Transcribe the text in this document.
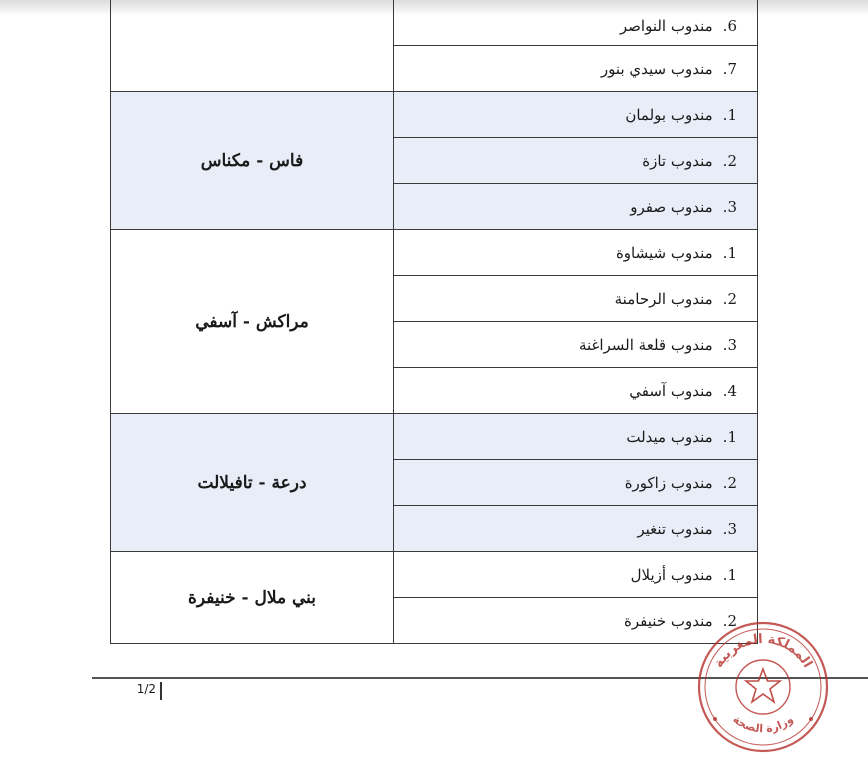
6.مندوب النواصر	
7.مندوب سيدي بنور	
1.مندوب بولمان	فاس - مكناس
2.مندوب تازة	
3.مندوب صفرو	
1.مندوب شيشاوة	مراكش - آسفي
2.مندوب الرحامنة	
3.مندوب قلعة السراغنة	
4.مندوب آسفي	
1.مندوب ميدلت	درعة - تافيلالت
2.مندوب زاكورة	
3.مندوب تنغير	
1.مندوب أزيلال	بني ملال - خنيفرة
2.مندوب خنيفرة	
1/2
المملكة المغربية
وزارة الصحة
